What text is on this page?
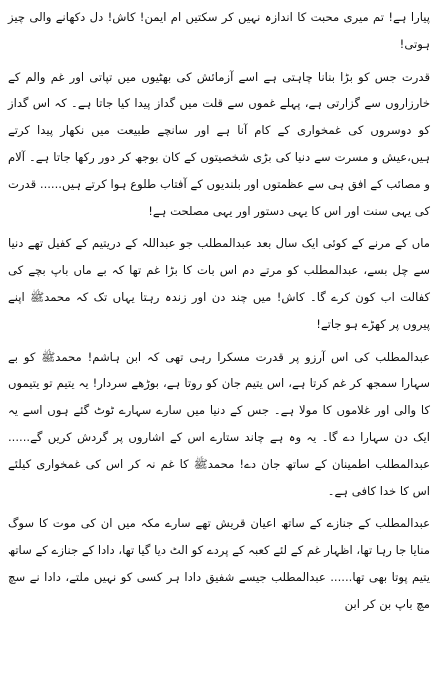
پیارا ہے! تم میری محبت کا اندازہ نہیں کر سکتیں ام ایمن! کاش! دل دکھانے والی چیز ہوتی!

قدرت جس کو بڑا بنانا چاہتی ہے اسے آزمائش کی بھٹیوں میں تپاتی اور غم والم کے خارزاروں سے گزارتی ہے، پہلے غموں سے قلت میں گداز پیدا کیا جاتا ہے۔ کہ اس گداز کو دوسروں کی غمخواری کے کام آنا ہے اور سانچے طبیعت میں نکھار پیدا کرتے ہیں،عیش و مسرت سے دنیا کی بڑی شخصیتوں کے کان بوجھ کر دور رکھا جاتا ہے۔ آلام و مصائب کے افق ہی سے عظمتوں اور بلندیوں کے آفتاب طلوع ہوا کرتے ہیں...... قدرت کی یہی سنت اور اس کا یہی دستور اور یہی مصلحت ہے!

ماں کے مرنے کے کوئی ایک سال بعد عبدالمطلب جو عبداللہ کے دریتیم کے کفیل تھے دنیا سے چل بسے، عبدالمطلب کو مرتے دم اس بات کا بڑا غم تھا کہ بے ماں باپ بچے کی کفالت اب کون کرے گا۔ کاش! میں چند دن اور زندہ رہتا یہاں تک کہ محمدﷺ اپنے پیروں پر کھڑے ہو جاتے!

عبدالمطلب کی اس آرزو پر قدرت مسکرا رہی تھی کہ ابن ہاشم! محمدﷺ کو بے سہارا سمجھ کر غم کرتا ہے، اس یتیم جان کو روتا ہے، بوڑھے سردار! یہ یتیم تو یتیموں کا والی اور غلاموں کا مولا ہے۔ جس کے دنیا میں سارے سہارے ٹوٹ گئے ہوں اسے یہ ایک دن سہارا دے گا۔ یہ وہ ہے چاند ستارے اس کے اشاروں پر گردش کریں گے...... عبدالمطلب اطمینان کے ساتھ جان دے! محمدﷺ کا غم نہ کر اس کی غمخواری کیلئے اس کا خدا کافی ہے۔

عبدالمطلب کے جنازے کے ساتھ اعیان قریش تھے سارے مکہ میں ان کی موت کا سوگ منایا جا رہا تھا، اظہار غم کے لئے کعبہ کے پردے کو الٹ دیا گیا تھا، دادا کے جنازے کے ساتھ یتیم پوتا بھی تھا...... عبدالمطلب جیسے شفیق دادا ہر کسی کو نہیں ملتے، دادا نے سچ مچ باپ بن کر ابن
